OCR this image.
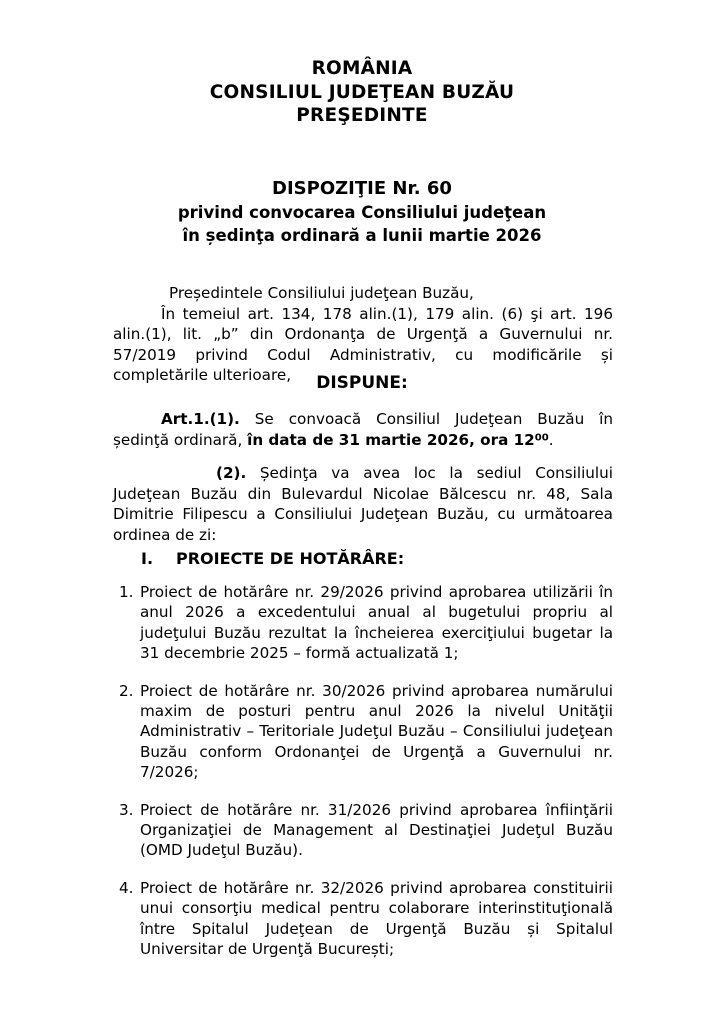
ROMÂNIA
CONSILIUL JUDEŢEAN BUZĂU
PREŞEDINTE
DISPOZIŢIE Nr. 60
privind convocarea Consiliului judeţean
în ședinţa ordinară a lunii martie 2026

Președintele Consiliului judeţean Buzău,
În temeiul art. 134, 178 alin.(1), 179 alin. (6) şi art. 196 alin.(1), lit. „b” din Ordonanţa de Urgenţă a Guvernului nr. 57/2019 privind Codul Administrativ, cu modificările și completările ulterioare,	DISPUNE:

Art.1.(1). Se convoacă Consiliul Judeţean Buzău în ședinţă ordinară, în data de 31 martie 2026, ora $12^{00}$.

(2). Ședinţa va avea loc la sediul Consiliului Judeţean Buzău din Bulevardul Nicolae Bălcescu nr. 48, Sala Dimitrie Filipescu a Consiliului Judeţean Buzău, cu următoarea ordinea de zi:

I. PROIECTE DE HOTĂRÂRE:
1. Proiect de hotărâre nr. 29/2026 privind aprobarea utilizării în anul 2026 a excedentului anual al bugetului propriu al judeţului Buzău rezultat la încheierea exerciţiului bugetar la 31 decembrie 2025 – formă actualizată 1;
2. Proiect de hotărâre nr. 30/2026 privind aprobarea numărului maxim de posturi pentru anul 2026 la nivelul Unităţii Administrativ – Teritoriale Judeţul Buzău – Consiliului judeţean Buzău conform Ordonanţei de Urgenţă a Guvernului nr. 7/2026;
3. Proiect de hotărâre nr. 31/2026 privind aprobarea înfiinţării Organizaţiei de Management al Destinaţiei Judeţul Buzău (OMD Judeţul Buzău).
4. Proiect de hotărâre nr. 32/2026 privind aprobarea constituirii unui consorţiu medical pentru colaborare interinstituţională între Spitalul Judeţean de Urgenţă Buzău și Spitalul Universitar de Urgenţă București;
